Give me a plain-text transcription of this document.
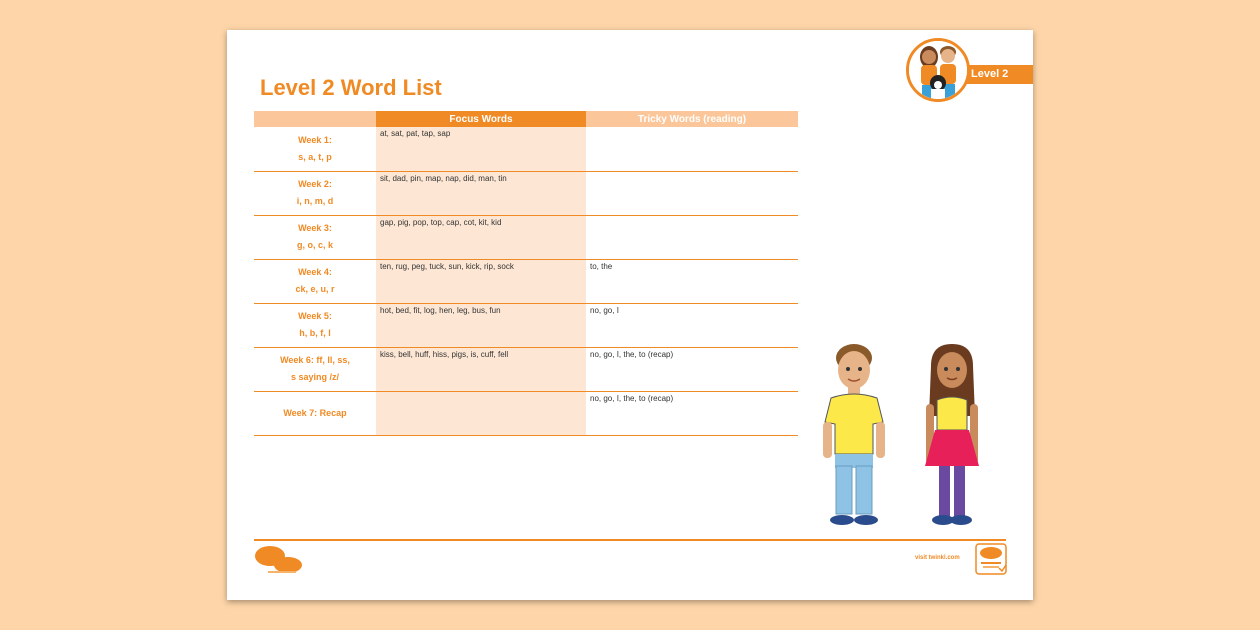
Level 2 Word List
Level 2
	Focus Words	Tricky Words (reading)

Week 1:
s, a, t, p	at, sat, pat, tap, sap	

Week 2:
i, n, m, d	sit, dad, pin, map, nap, did, man, tin	

Week 3:
g, o, c, k	gap, pig, pop, top, cap, cot, kit, kid	

Week 4:
ck, e, u, r	ten, rug, peg, tuck, sun, kick, rip, sock	to, the

Week 5:
h, b, f, l	hot, bed, fit, log, hen, leg, bus, fun	no, go, I

Week 6: ff, ll, ss,
s saying /z/	kiss, bell, huff, hiss, pigs, is, cuff, fell	no, go, I, the, to (recap)

Week 7: Recap		no, go, I, the, to (recap)
visit twinkl.com
